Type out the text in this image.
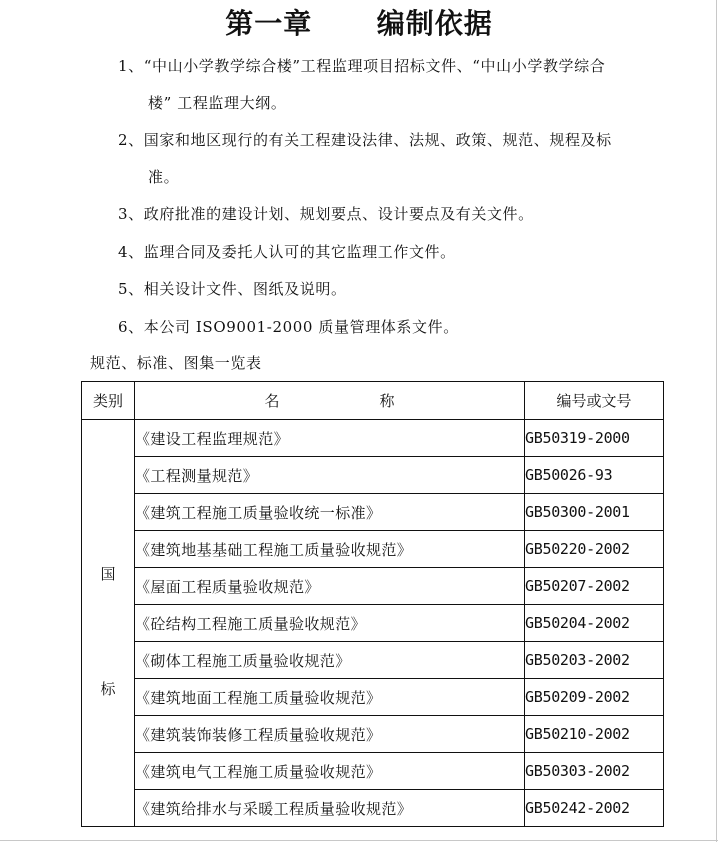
第一章      编制依据
1、“中山小学教学综合楼”工程监理项目招标文件、“中山小学教学综合
楼” 工程监理大纲。
2、国家和地区现行的有关工程建设法律、法规、政策、规范、规程及标
准。
3、政府批准的建设计划、规划要点、设计要点及有关文件。
4、监理合同及委托人认可的其它监理工作文件。
5、相关设计文件、图纸及说明。
6、本公司 ISO9001-2000 质量管理体系文件。
规范、标准、图集一览表
类别	名 称	编号或文号

国
标	《建设工程监理规范》	GB50319-2000
	《工程测量规范》	GB50026-93
	《建筑工程施工质量验收统一标准》	GB50300-2001
	《建筑地基基础工程施工质量验收规范》	GB50220-2002
	《屋面工程质量验收规范》	GB50207-2002
	《砼结构工程施工质量验收规范》	GB50204-2002
	《砌体工程施工质量验收规范》	GB50203-2002
	《建筑地面工程施工质量验收规范》	GB50209-2002
	《建筑装饰装修工程质量验收规范》	GB50210-2002
	《建筑电气工程施工质量验收规范》	GB50303-2002
	《建筑给排水与采暖工程质量验收规范》	GB50242-2002
